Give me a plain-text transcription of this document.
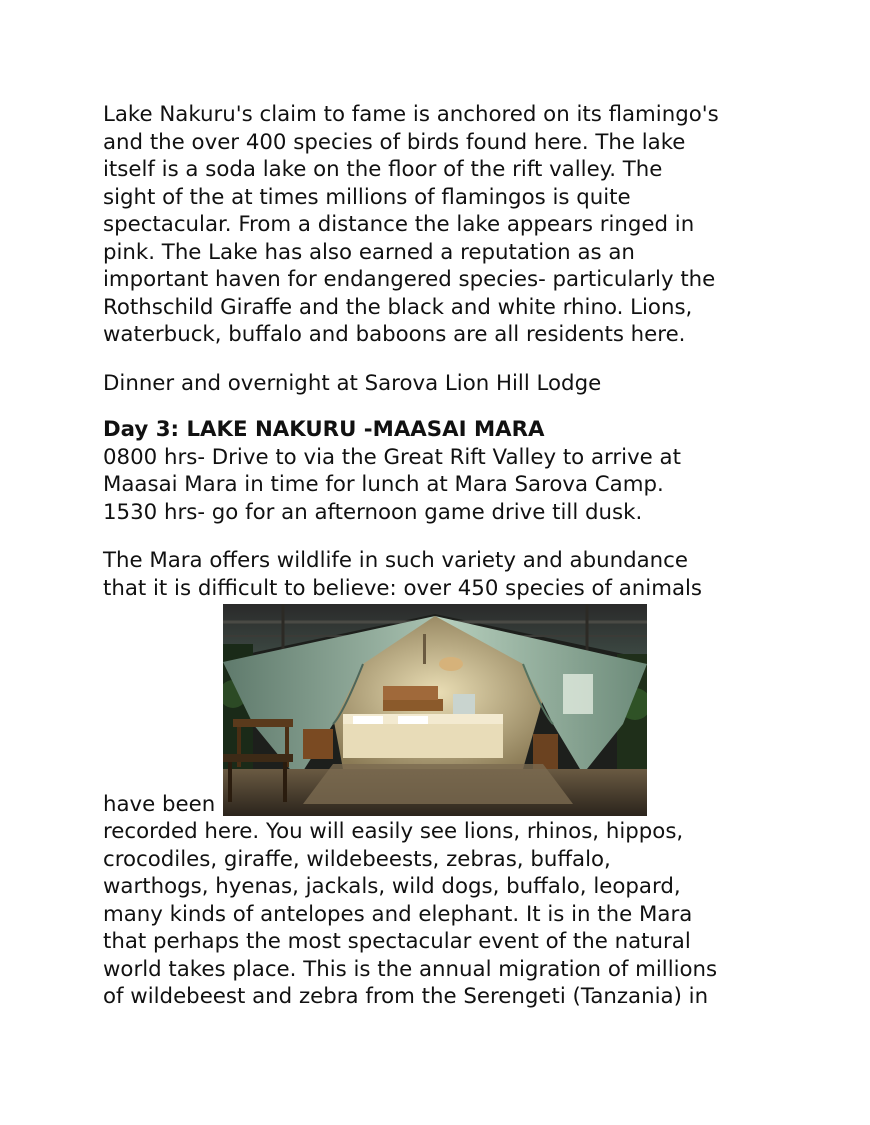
Lake Nakuru's claim to fame is anchored on its flamingo's
and the over 400 species of birds found here. The lake
itself is a soda lake on the floor of the rift valley. The
sight of the at times millions of flamingos is quite
spectacular. From a distance the lake appears ringed in
pink. The Lake has also earned a reputation as an
important haven for endangered species- particularly the
Rothschild Giraffe and the black and white rhino. Lions,
waterbuck, buffalo and baboons are all residents here.

Dinner and overnight at Sarova Lion Hill Lodge

Day 3: LAKE NAKURU -MAASAI MARA
0800 hrs- Drive to via the Great Rift Valley to arrive at
Maasai Mara in time for lunch at Mara Sarova Camp.
1530 hrs- go for an afternoon game drive till dusk.

The Mara offers wildlife in such variety and abundance
that it is difficult to believe: over 450 species of animals
have been
recorded here. You will easily see lions, rhinos, hippos,
crocodiles, giraffe, wildebeests, zebras, buffalo,
warthogs, hyenas, jackals, wild dogs, buffalo, leopard,
many kinds of antelopes and elephant. It is in the Mara
that perhaps the most spectacular event of the natural
world takes place. This is the annual migration of millions
of wildebeest and zebra from the Serengeti (Tanzania) in
